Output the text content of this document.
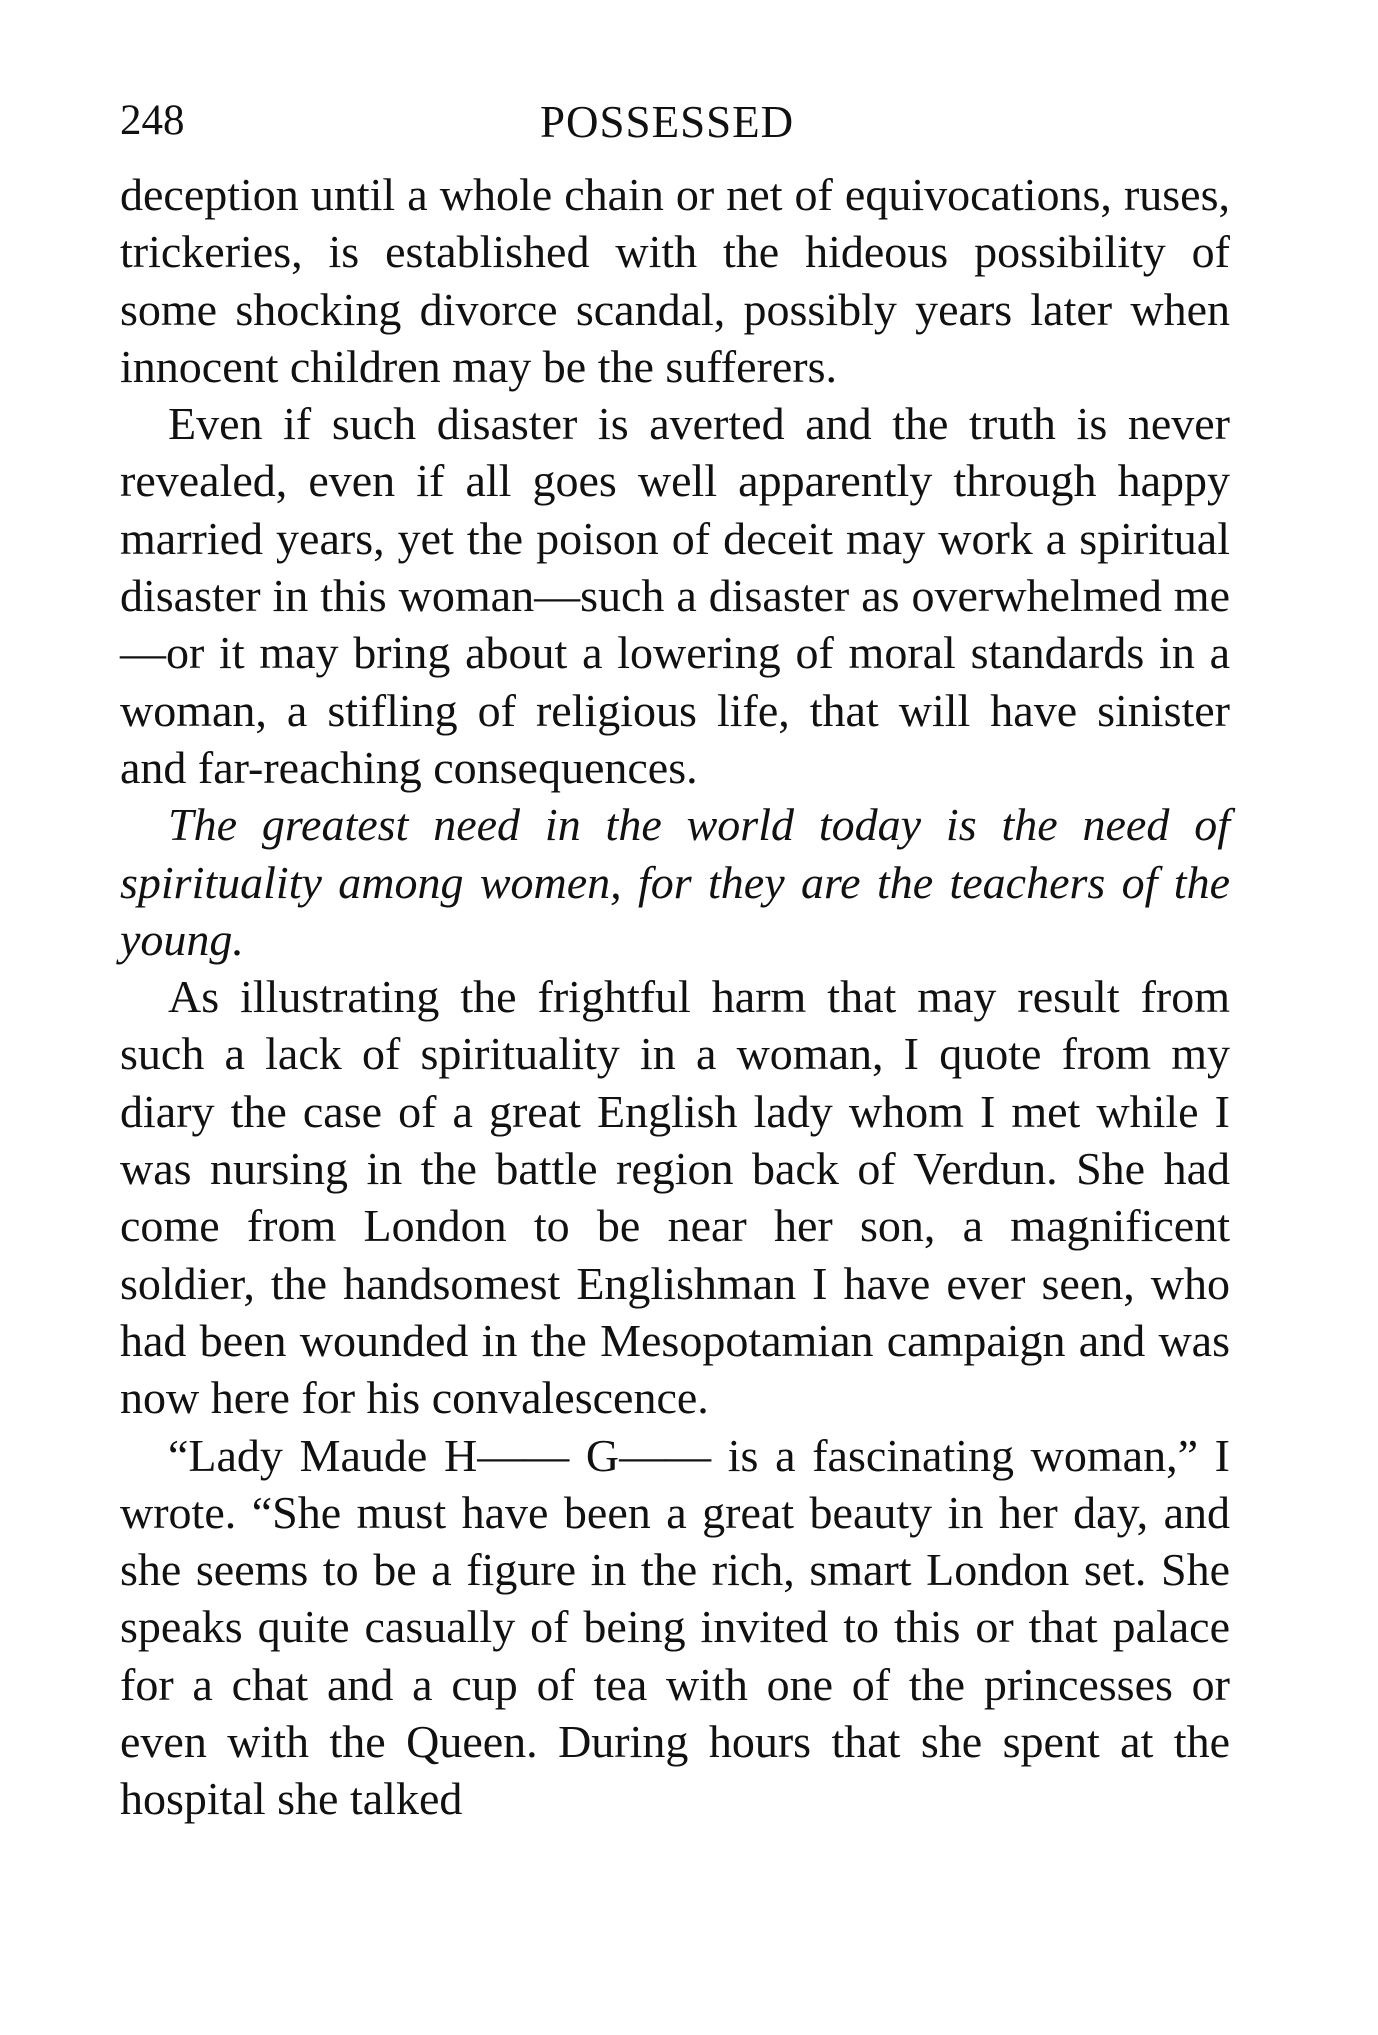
248	POSSESSED

deception until a whole chain or net of equivocations, ruses, trickeries, is established with the hideous possibility of some shocking divorce scandal, possibly years later when innocent children may be the sufferers.

Even if such disaster is averted and the truth is never revealed, even if all goes well apparently through happy married years, yet the poison of deceit may work a spiritual disaster in this woman—such a disaster as overwhelmed me—or it may bring about a lowering of moral standards in a woman, a stifling of religious life, that will have sinister and far-reaching consequences.

The greatest need in the world today is the need of spirituality among women, for they are the teachers of the young.

As illustrating the frightful harm that may result from such a lack of spirituality in a woman, I quote from my diary the case of a great English lady whom I met while I was nursing in the battle region back of Verdun. She had come from London to be near her son, a magnificent soldier, the handsomest Englishman I have ever seen, who had been wounded in the Mesopotamian campaign and was now here for his convalescence.

“Lady Maude H—— G—— is a fascinating woman,” I wrote. “She must have been a great beauty in her day, and she seems to be a figure in the rich, smart London set. She speaks quite casually of being invited to this or that palace for a chat and a cup of tea with one of the princesses or even with the Queen. During hours that she spent at the hospital she talked
